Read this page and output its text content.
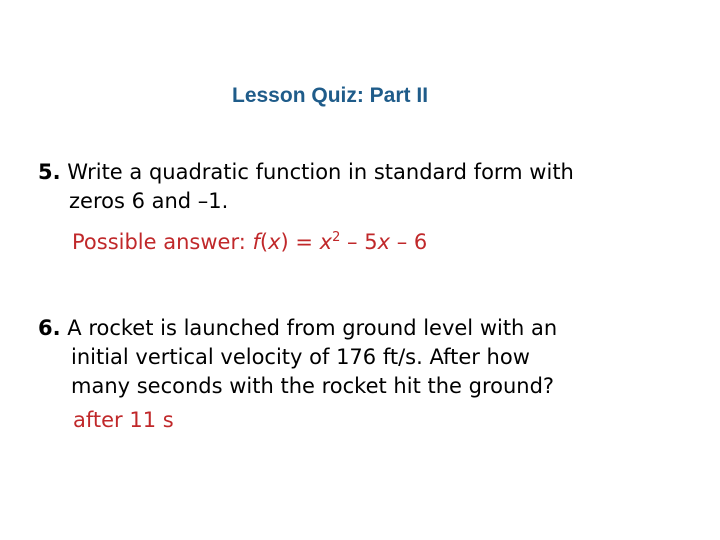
Lesson Quiz: Part II
5. Write a quadratic function in standard form with
zeros 6 and –1.
Possible answer: $f(x) = x^2 - 5x - 6$
6. A rocket is launched from ground level with an
initial vertical velocity of 176 ft/s. After how
many seconds with the rocket hit the ground?
after 11 s
